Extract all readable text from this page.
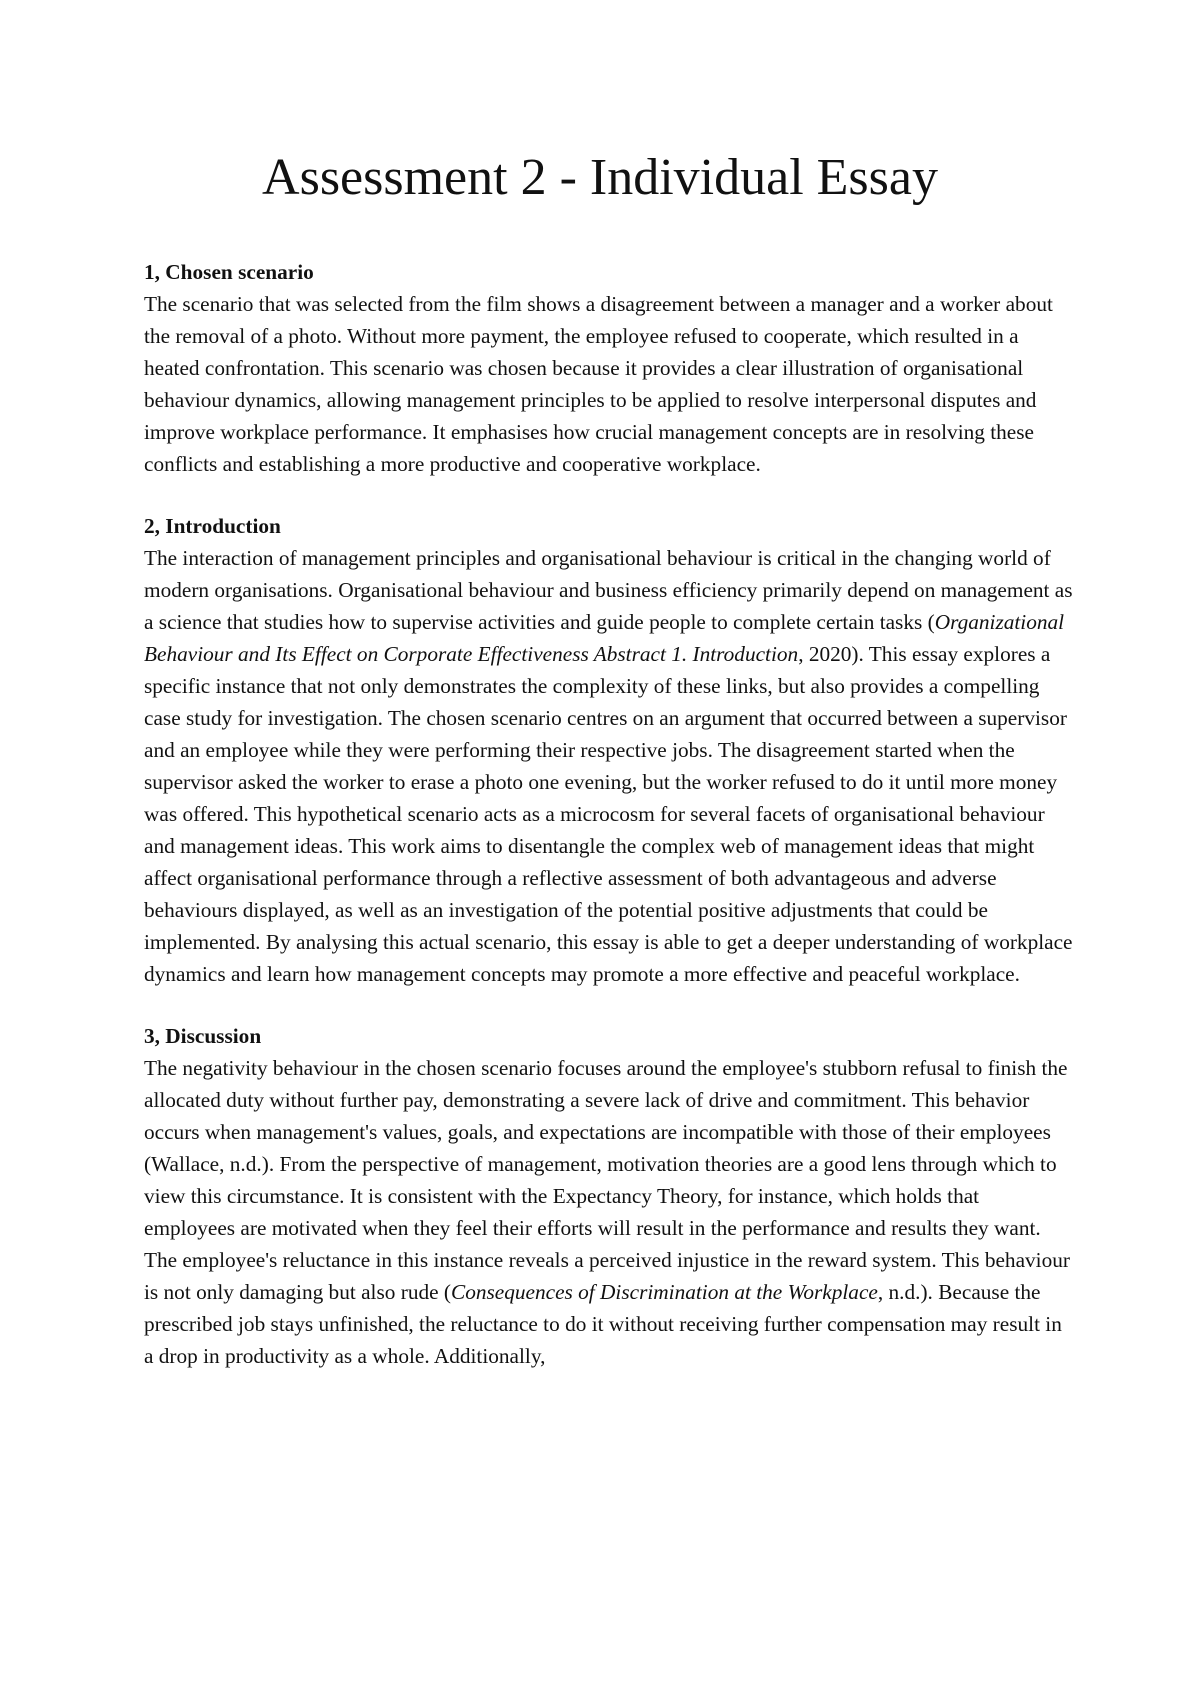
Assessment 2 - Individual Essay

1, Chosen scenario

The scenario that was selected from the film shows a disagreement between a manager and a worker about the removal of a photo. Without more payment, the employee refused to cooperate, which resulted in a heated confrontation. This scenario was chosen because it provides a clear illustration of organisational behaviour dynamics, allowing management principles to be applied to resolve interpersonal disputes and improve workplace performance. It emphasises how crucial management concepts are in resolving these conflicts and establishing a more productive and cooperative workplace.

2, Introduction

The interaction of management principles and organisational behaviour is critical in the changing world of modern organisations. Organisational behaviour and business efficiency primarily depend on management as a science that studies how to supervise activities and guide people to complete certain tasks (Organizational Behaviour and Its Effect on Corporate Effectiveness Abstract 1. Introduction, 2020). This essay explores a specific instance that not only demonstrates the complexity of these links, but also provides a compelling case study for investigation. The chosen scenario centres on an argument that occurred between a supervisor and an employee while they were performing their respective jobs. The disagreement started when the supervisor asked the worker to erase a photo one evening, but the worker refused to do it until more money was offered. This hypothetical scenario acts as a microcosm for several facets of organisational behaviour and management ideas. This work aims to disentangle the complex web of management ideas that might affect organisational performance through a reflective assessment of both advantageous and adverse behaviours displayed, as well as an investigation of the potential positive adjustments that could be implemented. By analysing this actual scenario, this essay is able to get a deeper understanding of workplace dynamics and learn how management concepts may promote a more effective and peaceful workplace.

3, Discussion

The negativity behaviour in the chosen scenario focuses around the employee's stubborn refusal to finish the allocated duty without further pay, demonstrating a severe lack of drive and commitment. This behavior occurs when management's values, goals, and expectations are incompatible with those of their employees (Wallace, n.d.). From the perspective of management, motivation theories are a good lens through which to view this circumstance. It is consistent with the Expectancy Theory, for instance, which holds that employees are motivated when they feel their efforts will result in the performance and results they want. The employee's reluctance in this instance reveals a perceived injustice in the reward system. This behaviour is not only damaging but also rude (Consequences of Discrimination at the Workplace, n.d.). Because the prescribed job stays unfinished, the reluctance to do it without receiving further compensation may result in a drop in productivity as a whole. Additionally,
